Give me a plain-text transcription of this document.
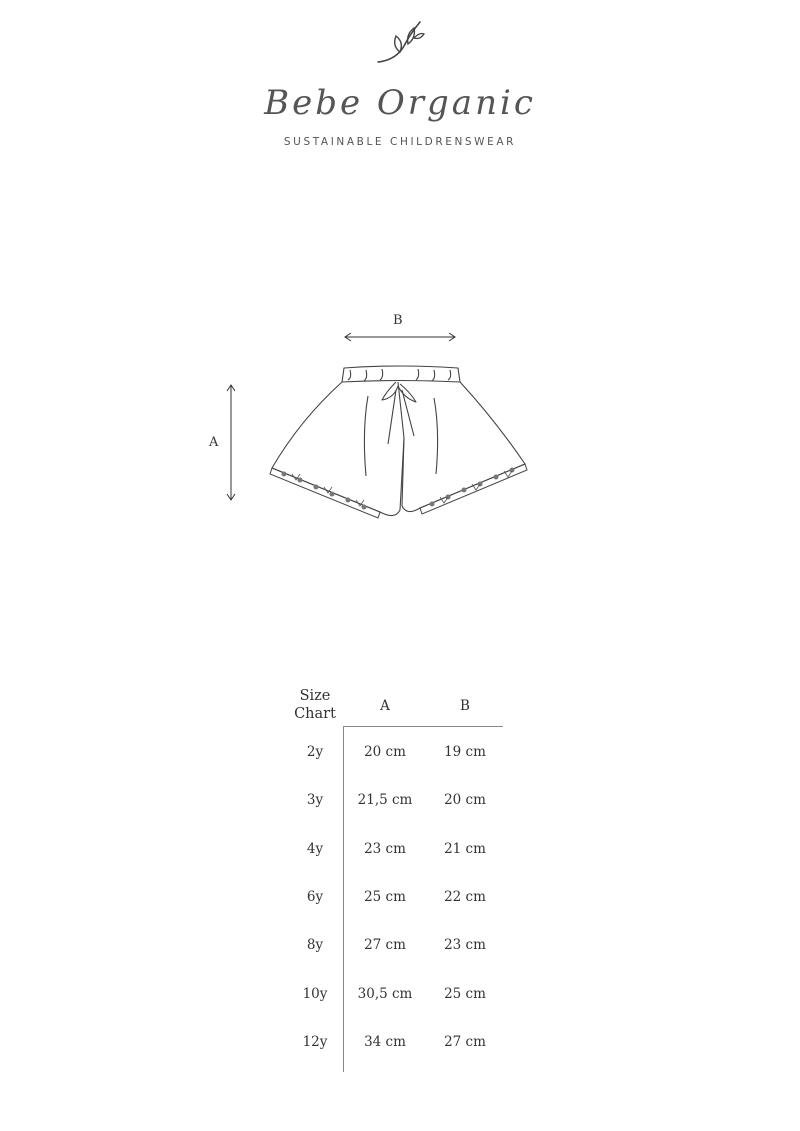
Bebe Organic
SUSTAINABLE CHILDRENSWEAR
B
A
Size
Chart	A	B
2y	20 cm	19 cm
3y	21,5 cm	20 cm
4y	23 cm	21 cm
6y	25 cm	22 cm
8y	27 cm	23 cm
10y	30,5 cm	25 cm
12y	34 cm	27 cm
